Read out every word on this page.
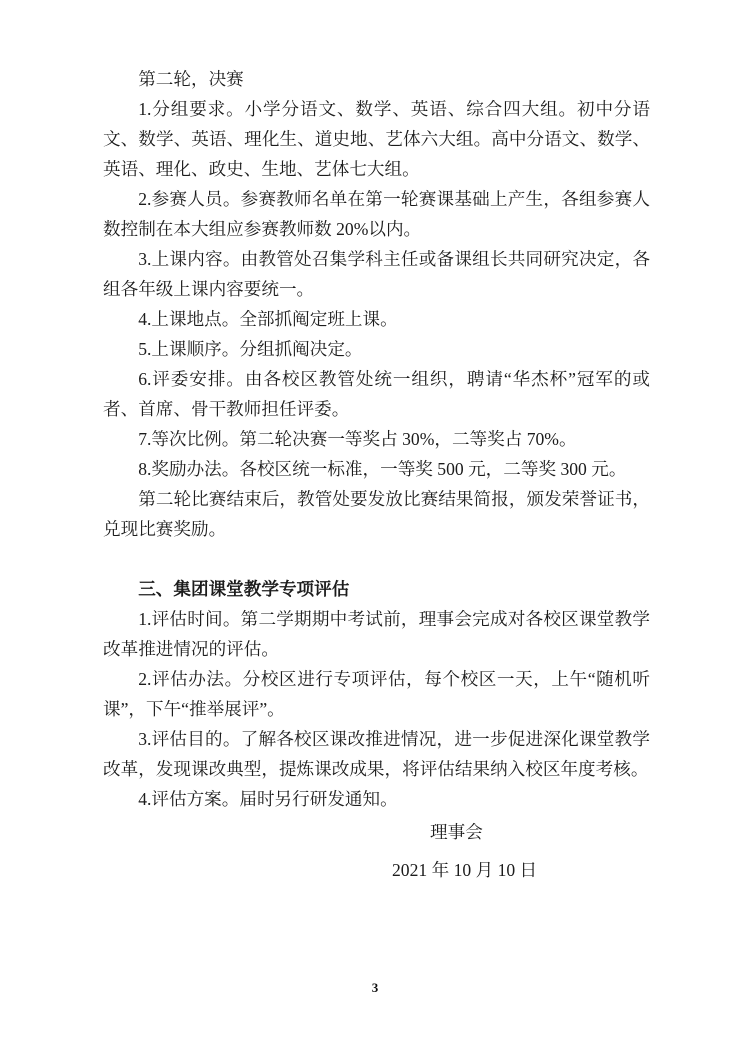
第二轮，决赛
1.分组要求。小学分语文、数学、英语、综合四大组。初中分语文、数学、英语、理化生、道史地、艺体六大组。高中分语文、数学、英语、理化、政史、生地、艺体七大组。
2.参赛人员。参赛教师名单在第一轮赛课基础上产生，各组参赛人数控制在本大组应参赛教师数 20%以内。
3.上课内容。由教管处召集学科主任或备课组长共同研究决定，各组各年级上课内容要统一。
4.上课地点。全部抓阄定班上课。
5.上课顺序。分组抓阄决定。
6.评委安排。由各校区教管处统一组织，聘请“华杰杯”冠军的或者、首席、骨干教师担任评委。
7.等次比例。第二轮决赛一等奖占 30%，二等奖占 70%。
8.奖励办法。各校区统一标准，一等奖 500 元，二等奖 300 元。
第二轮比赛结束后，教管处要发放比赛结果简报，颁发荣誉证书，兑现比赛奖励。
三、集团课堂教学专项评估
1.评估时间。第二学期期中考试前，理事会完成对各校区课堂教学改革推进情况的评估。
2.评估办法。分校区进行专项评估，每个校区一天，上午“随机听课”，下午“推举展评”。
3.评估目的。了解各校区课改推进情况，进一步促进深化课堂教学改革，发现课改典型，提炼课改成果，将评估结果纳入校区年度考核。
4.评估方案。届时另行研发通知。
理事会
2021 年 10 月 10 日
3
